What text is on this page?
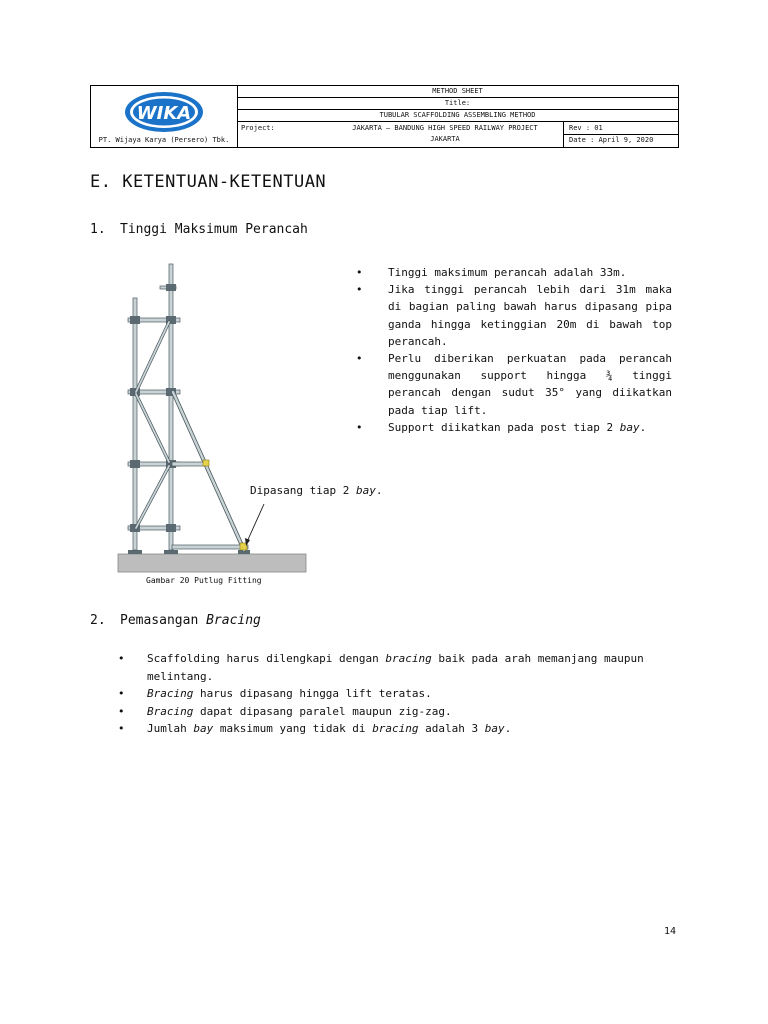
WIKA
PT. Wijaya Karya (Persero) Tbk.
METHOD SHEET
Title:
TUBULAR SCAFFOLDING ASSEMBLING METHOD
Project:	JAKARTA – BANDUNG HIGH SPEED RAILWAY PROJECT
JAKARTA
Rev : 01
Date : April 9, 2020
E. KETENTUAN-KETENTUAN
1. Tinggi Maksimum Perancah
Dipasang tiap 2 bay.
Gambar 20 Putlug Fitting
• Tinggi maksimum perancah adalah 33m.
• Jika tinggi perancah lebih dari 31m maka di bagian paling bawah harus dipasang pipa ganda hingga ketinggian 20m di bawah top perancah.
• Perlu diberikan perkuatan pada perancah menggunakan support hingga ¾ tinggi perancah dengan sudut 35° yang diikatkan pada tiap lift.
• Support diikatkan pada post tiap 2 bay.
2. Pemasangan Bracing
• Scaffolding harus dilengkapi dengan bracing baik pada arah memanjang maupun melintang.
• Bracing harus dipasang hingga lift teratas.
• Bracing dapat dipasang paralel maupun zig-zag.
• Jumlah bay maksimum yang tidak di bracing adalah 3 bay.
14
